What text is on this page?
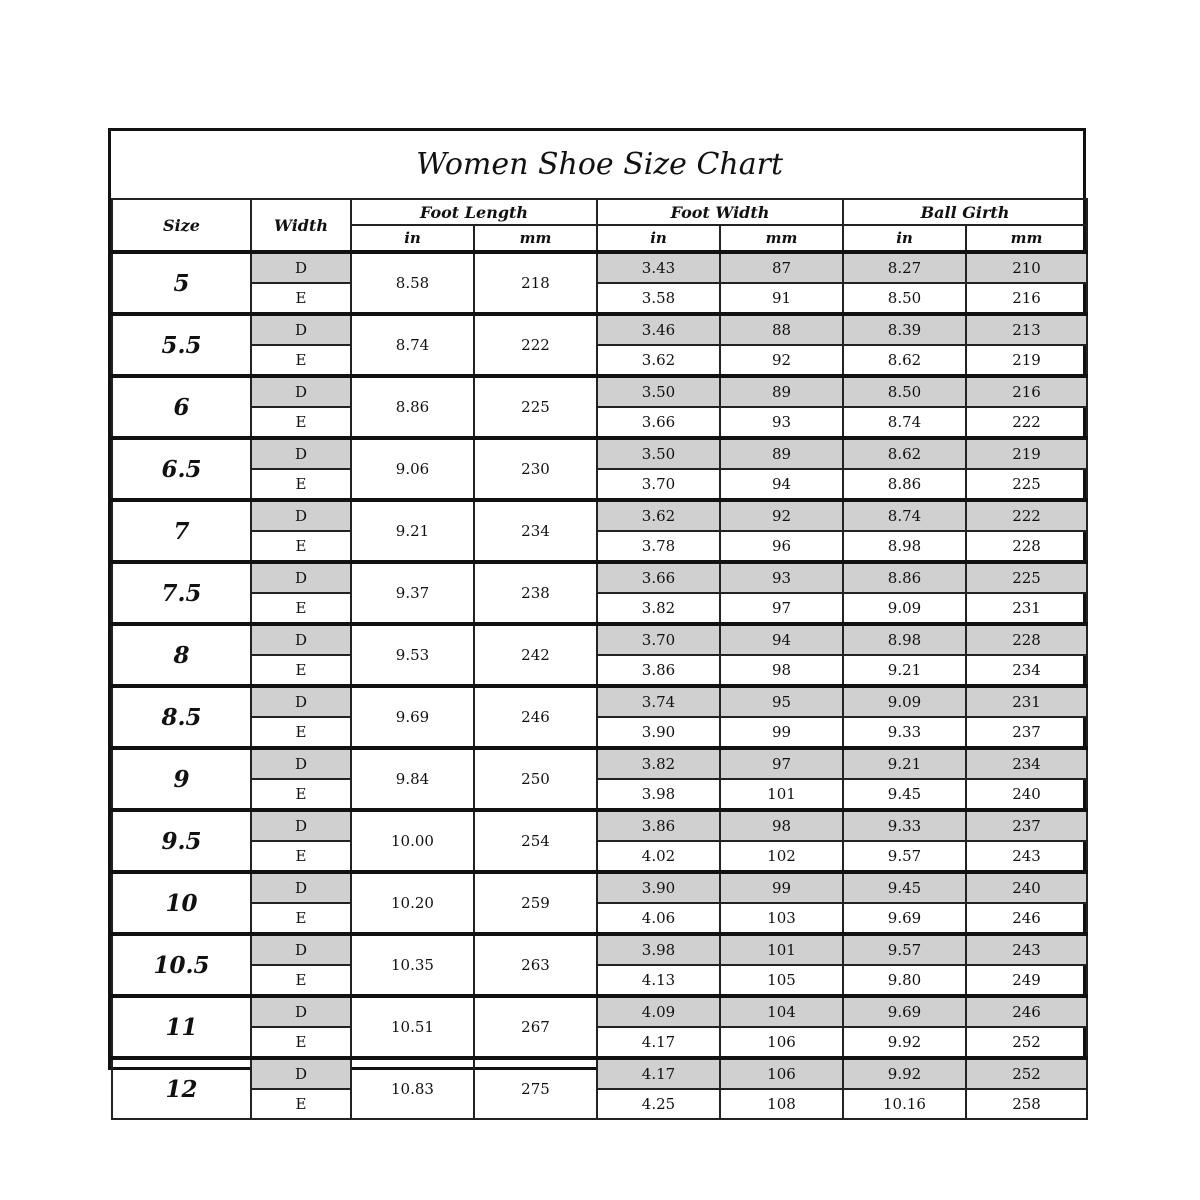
Women Shoe Size Chart							
Size	Width	Foot Length		Foot Width		Ball Girth	
		in	mm	in	mm	in	mm
5	D	8.58	218	3.43	87	8.27	210
	E			3.58	91	8.50	216
5.5	D	8.74	222	3.46	88	8.39	213
	E			3.62	92	8.62	219
6	D	8.86	225	3.50	89	8.50	216
	E			3.66	93	8.74	222
6.5	D	9.06	230	3.50	89	8.62	219
	E			3.70	94	8.86	225
7	D	9.21	234	3.62	92	8.74	222
	E			3.78	96	8.98	228
7.5	D	9.37	238	3.66	93	8.86	225
	E			3.82	97	9.09	231
8	D	9.53	242	3.70	94	8.98	228
	E			3.86	98	9.21	234
8.5	D	9.69	246	3.74	95	9.09	231
	E			3.90	99	9.33	237
9	D	9.84	250	3.82	97	9.21	234
	E			3.98	101	9.45	240
9.5	D	10.00	254	3.86	98	9.33	237
	E			4.02	102	9.57	243
10	D	10.20	259	3.90	99	9.45	240
	E			4.06	103	9.69	246
10.5	D	10.35	263	3.98	101	9.57	243
	E			4.13	105	9.80	249
11	D	10.51	267	4.09	104	9.69	246
	E			4.17	106	9.92	252
12	D	10.83	275	4.17	106	9.92	252
	E			4.25	108	10.16	258
